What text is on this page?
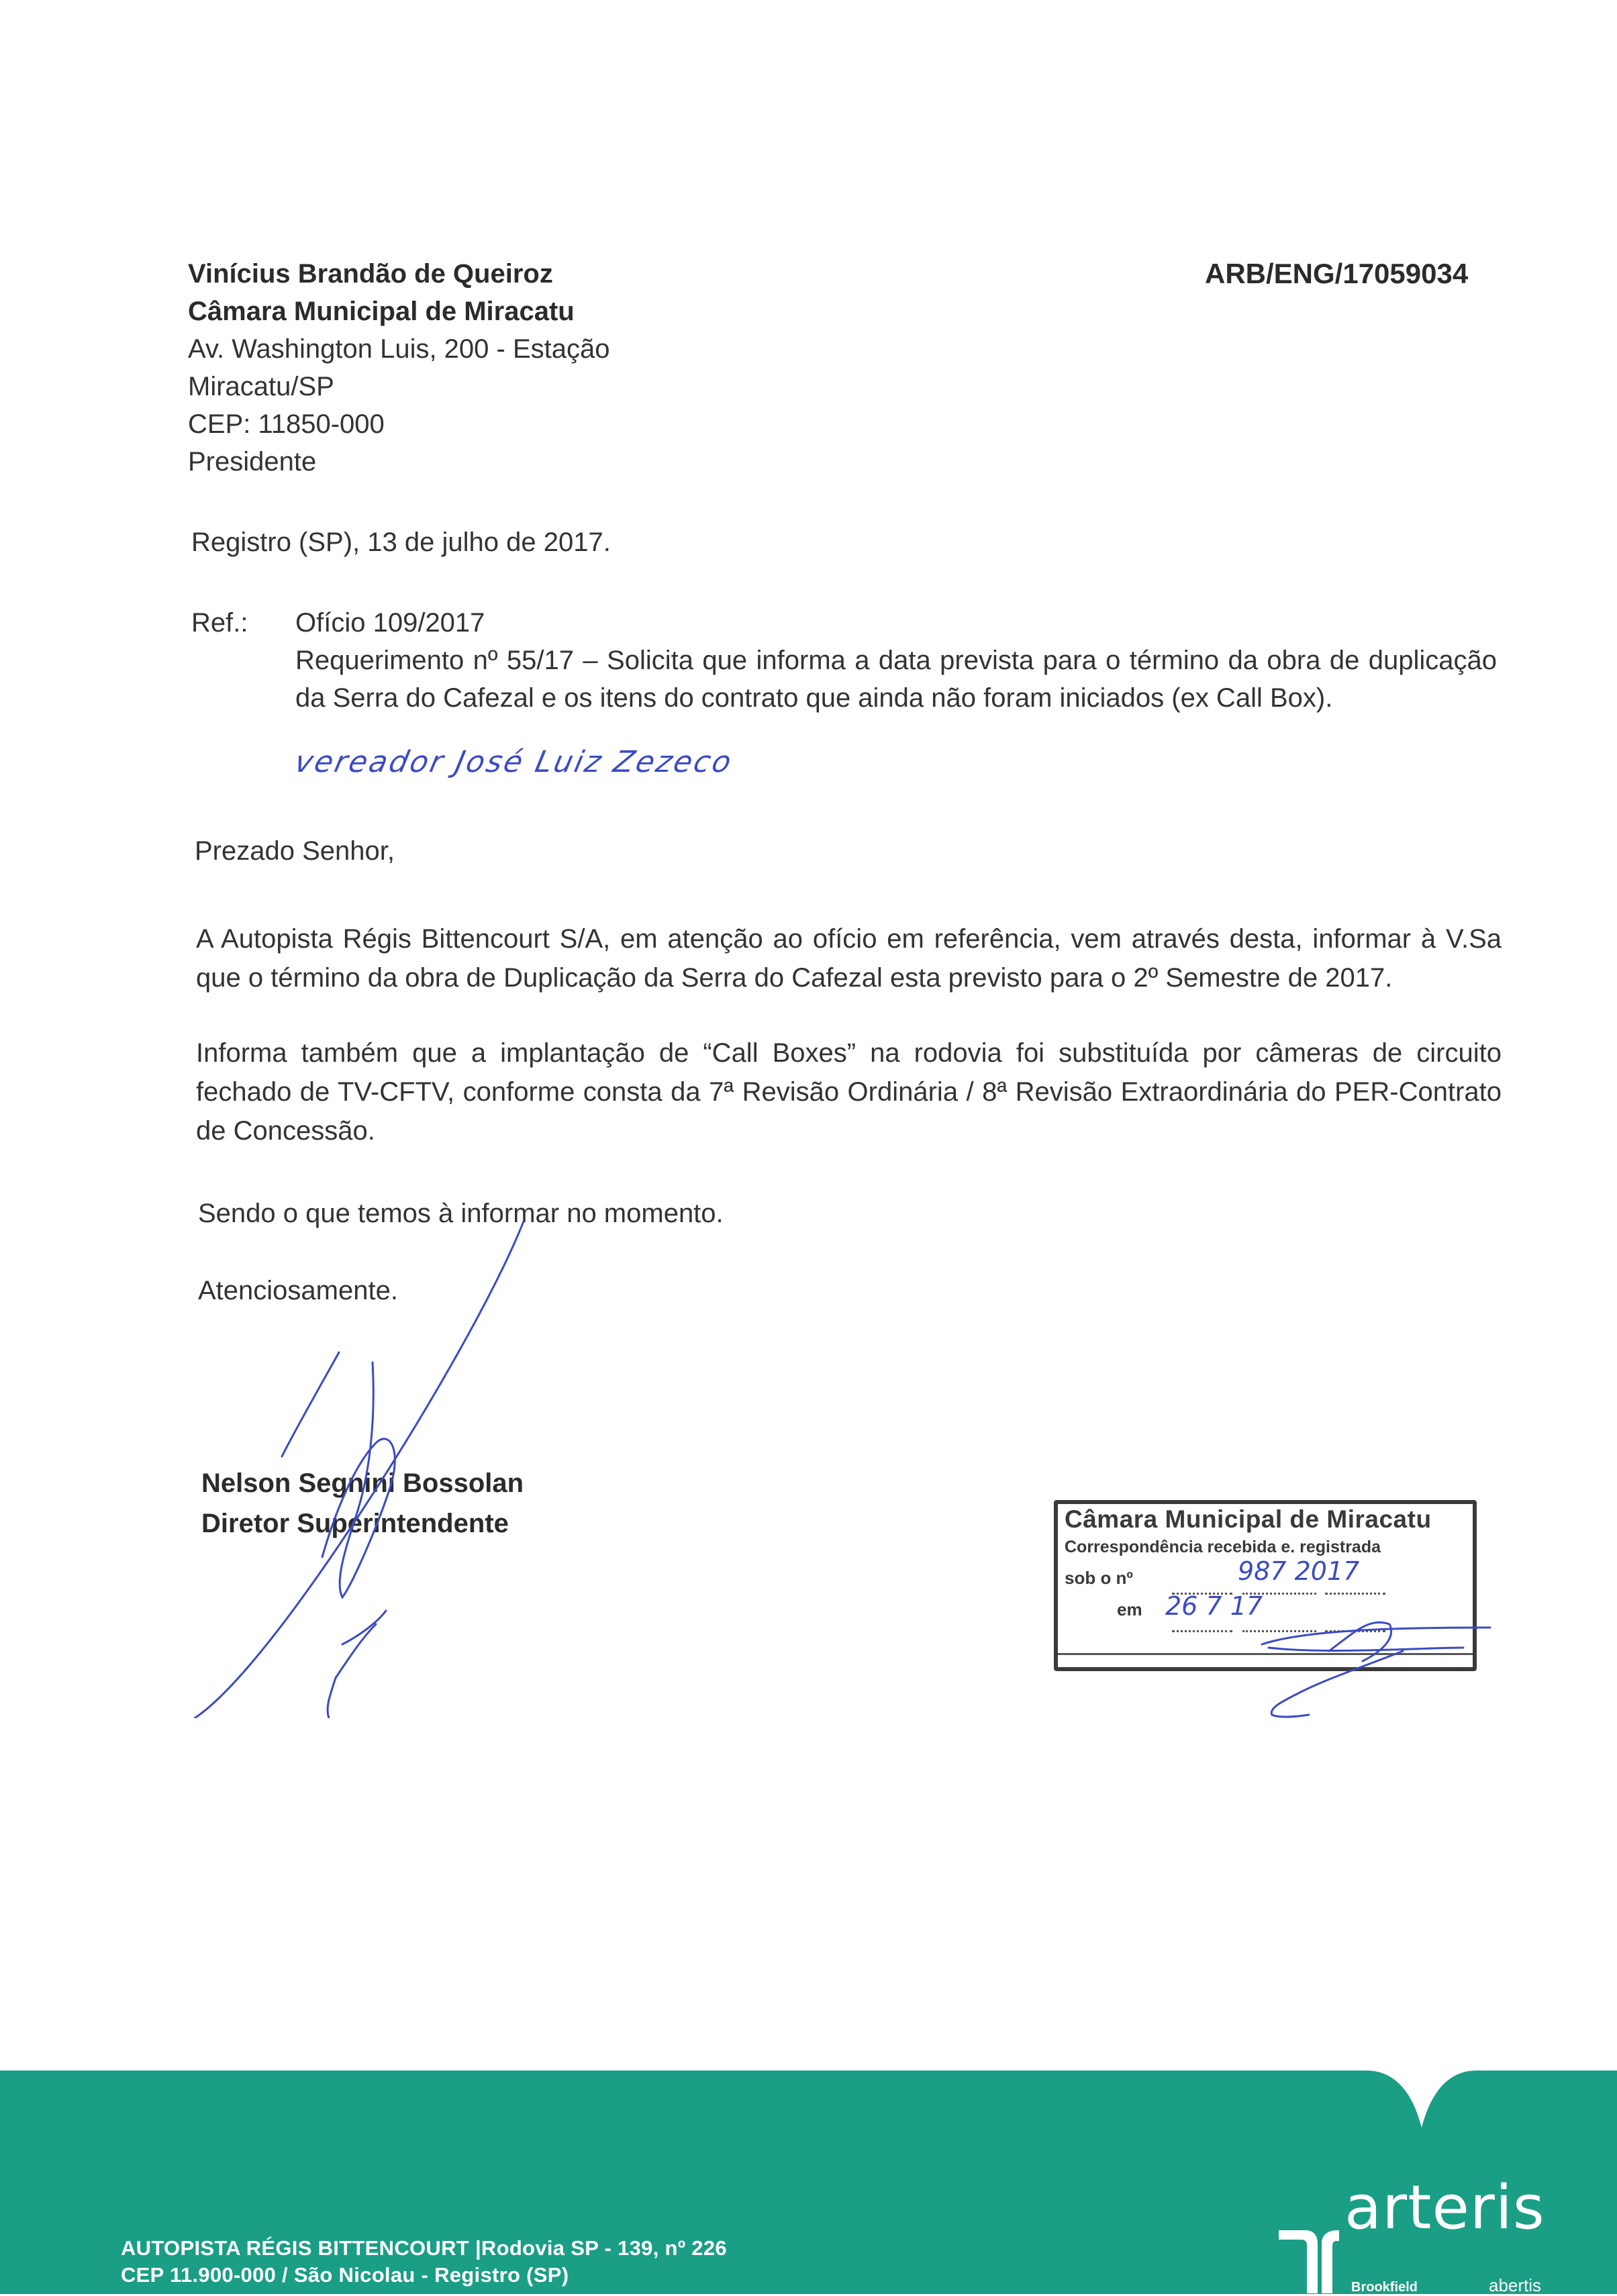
Vinícius Brandão de Queiroz
Câmara Municipal de Miracatu
Av. Washington Luis, 200 - Estação
Miracatu/SP
CEP: 11850-000
Presidente
ARB/ENG/17059034
Registro (SP), 13 de julho de 2017.
Ref.: Ofício 109/2017
Requerimento nº 55/17 – Solicita que informa a data prevista para o término da obra de duplicação da Serra do Cafezal e os itens do contrato que ainda não foram iniciados (ex Call Box).
vereador José Luiz Zezeco
Prezado Senhor,
A Autopista Régis Bittencourt S/A, em atenção ao ofício em referência, vem através desta, informar à V.Sa que o término da obra de Duplicação da Serra do Cafezal esta previsto para o 2º Semestre de 2017.
Informa também que a implantação de “Call Boxes” na rodovia foi substituída por câmeras de circuito fechado de TV-CFTV, conforme consta da 7ª Revisão Ordinária / 8ª Revisão Extraordinária do PER-Contrato de Concessão.
Sendo o que temos à informar no momento.
Atenciosamente.
Nelson Segnini Bossolan
Diretor Superintendente	Câmara Municipal de Miracatu
Correspondência recebida e. registrada
sob o nº
em
987 2017
26 7 17
AUTOPISTA RÉGIS BITTENCOURT |Rodovia SP - 139, nº 226
CEP 11.900-000 / São Nicolau - Registro (SP)
arteris
Brookfield	abertis
